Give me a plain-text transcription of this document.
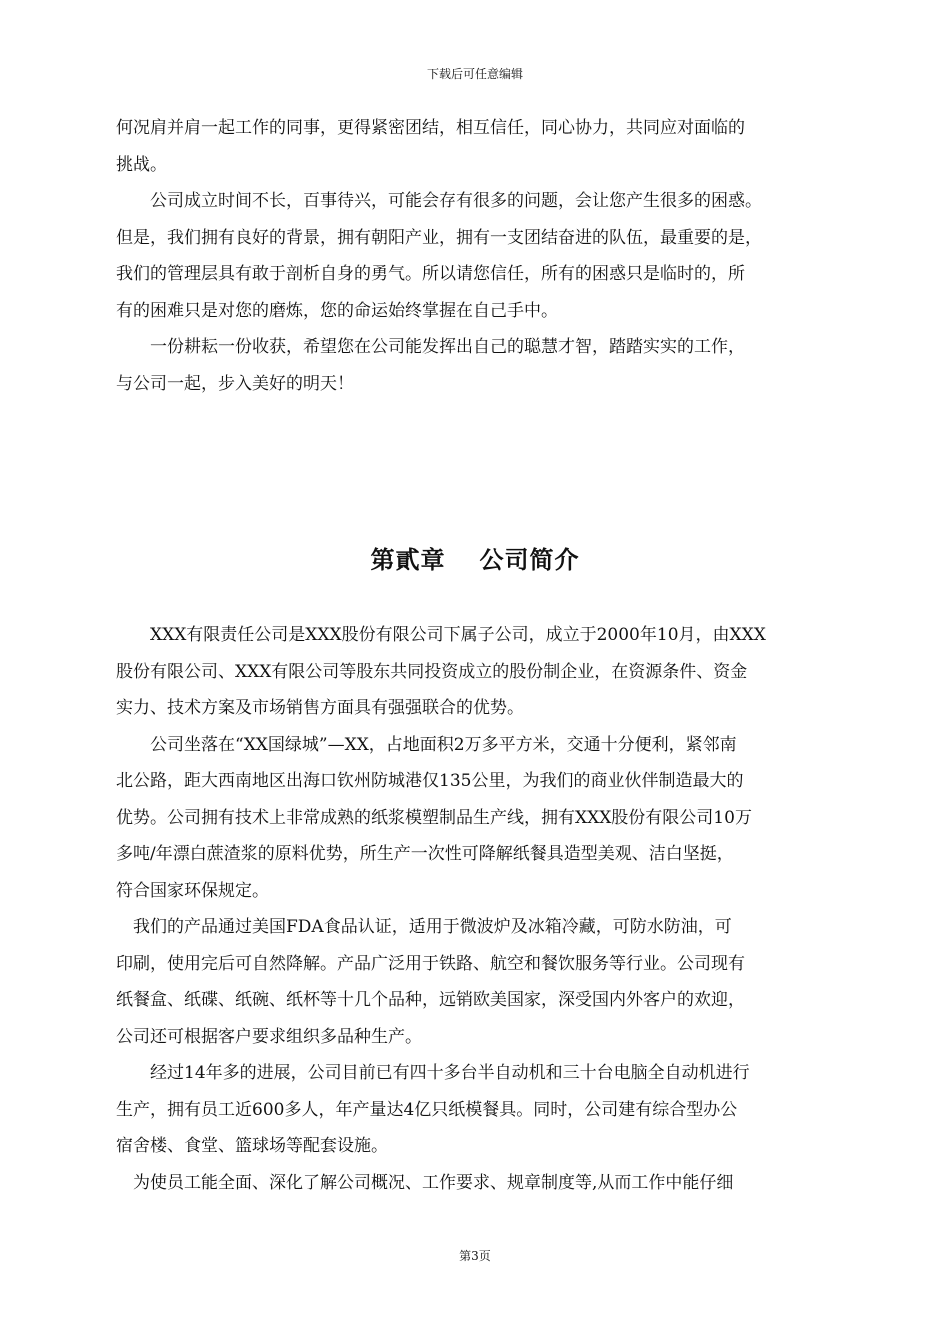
下载后可任意编辑

何况肩并肩一起工作的同事，更得紧密团结，相互信任，同心协力，共同应对面临的

挑战。

　　公司成立时间不长，百事待兴，可能会存有很多的问题，会让您产生很多的困惑。

但是，我们拥有良好的背景，拥有朝阳产业，拥有一支团结奋进的队伍，最重要的是，

我们的管理层具有敢于剖析自身的勇气。所以请您信任，所有的困惑只是临时的，所

有的困难只是对您的磨炼，您的命运始终掌握在自己手中。

　　一份耕耘一份收获，希望您在公司能发挥出自己的聪慧才智，踏踏实实的工作，

与公司一起，步入美好的明天！

第貳章 公司简介

　　XXX有限责任公司是XXX股份有限公司下属子公司，成立于2000年10月，由XXX

股份有限公司、XXX有限公司等股东共同投资成立的股份制企业，在资源条件、资金

实力、技术方案及市场销售方面具有强强联合的优势。

　　公司坐落在“XX国绿城”—XX，占地面积2万多平方米，交通十分便利，紧邻南

北公路，距大西南地区出海口钦州防城港仅135公里，为我们的商业伙伴制造最大的

优势。公司拥有技术上非常成熟的纸浆模塑制品生产线，拥有XXX股份有限公司10万

多吨/年漂白蔗渣浆的原料优势，所生产一次性可降解纸餐具造型美观、洁白坚挺，

符合国家环保规定。

　我们的产品通过美国FDA食品认证，适用于微波炉及冰箱冷藏，可防水防油，可

印刷，使用完后可自然降解。产品广泛用于铁路、航空和餐饮服务等行业。公司现有

纸餐盒、纸碟、纸碗、纸杯等十几个品种，远销欧美国家，深受国内外客户的欢迎，

公司还可根据客户要求组织多品种生产。

　　经过14年多的进展，公司目前已有四十多台半自动机和三十台电脑全自动机进行

生产，拥有员工近600多人，年产量达4亿只纸模餐具。同时，公司建有综合型办公

宿舍楼、食堂、篮球场等配套设施。

　为使员工能全面、深化了解公司概况、工作要求、规章制度等,从而工作中能仔细

第3页
